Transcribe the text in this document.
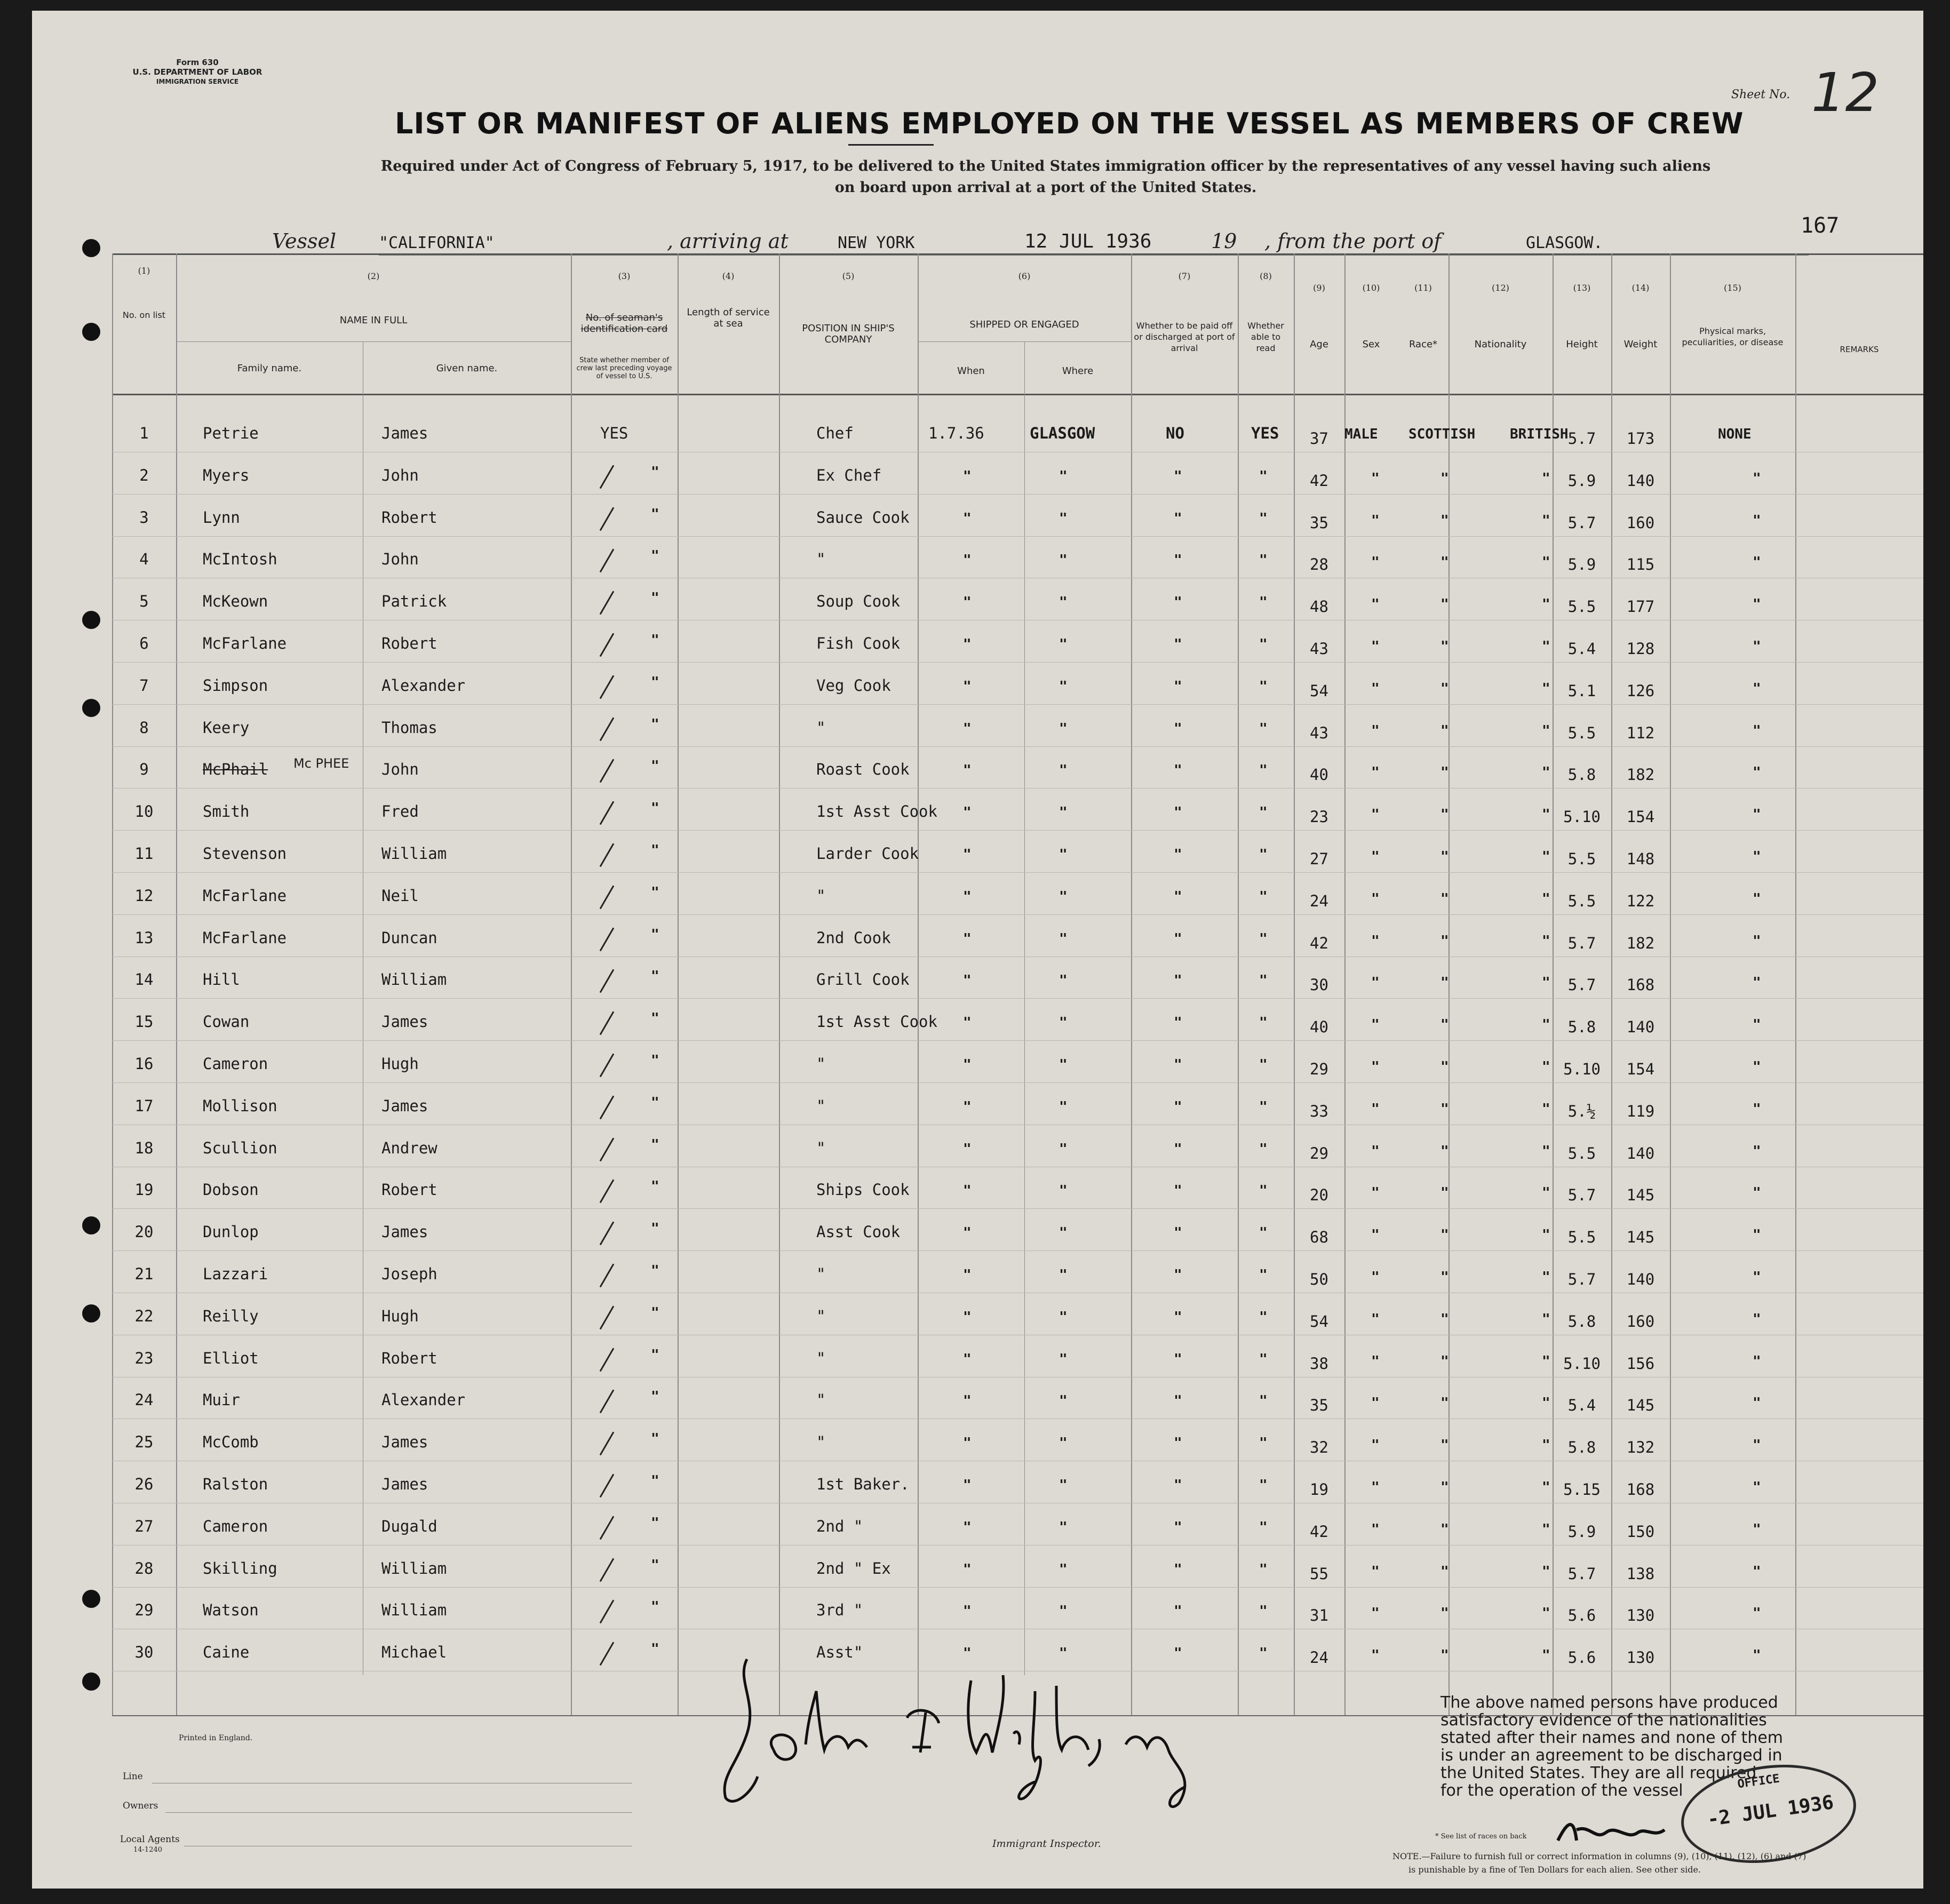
Form 630
U.S. DEPARTMENT OF LABOR
IMMIGRATION SERVICE
Sheet No. 12
LIST OR MANIFEST OF ALIENS EMPLOYED ON THE VESSEL AS MEMBERS OF CREW
Required under Act of Congress of February 5, 1917, to be delivered to the United States immigration officer by the representatives of any vessel having such aliens
on board upon arrival at a port of the United States.
167
Vessel	"CALIFORNIA"	, arriving at	NEW YORK	12 JUL 1936	19 , from the port of	GLASGOW.
(1)
(2)	(3)	(4)	(5)	(6)	(7)	(8)
(9)	(10)	(11)	(12)	(13)	(14)	(15)
No. on list	NAME IN FULL
Family name.	Given name.
No. of seaman's identification card
State whether member of crew last preceding voyage of vessel to U.S.
Length of service at sea	POSITION IN SHIP'S COMPANY
SHIPPED OR ENGAGED
When	Where
Whether to be paid off or discharged at port of arrival
Whether able to read	Age	Sex	Race*	Nationality	Height	Weight
Physical marks, peculiarities, or disease
REMARKS
1	Petrie	James	YES	Chef	1.7.36	GLASGOW	NO	YES	MALE SCOTTISH BRITISH	NONE
37	5.7	173
2	Myers	John	"	Ex Chef	"	"	"	"	"	"	"	"
42	5.9	140
3	Lynn	Robert	"	Sauce Cook	"	"	"	"	"	"	"	"
35	5.7	160
4	McIntosh	John	"	"	"	"	"	"	"	"	"	"
28	5.9	115
5	McKeown	Patrick	"	Soup Cook	"	"	"	"	"	"	"	"
48	5.5	177
6	McFarlane	Robert	"	Fish Cook	"	"	"	"	"	"	"	"
43	5.4	128
7	Simpson	Alexander	"	Veg Cook	"	"	"	"	"	"	"	"
54	5.1	126
8	Keery	Thomas	"	"	"	"	"	"	"	"	"	"
43	5.5	112
9	McPhail Mc PHEE John	"	Roast Cook	"	"	"	"	"	"	"	"
40	5.8	182
10	Smith	Fred	"	1st Asst Cook "	"	"	"	"	"	"	"
23	5.10	154
11	Stevenson	William	"	Larder Cook	"	"	"	"	"	"	"	"
27	5.5	148
12	McFarlane	Neil	"	"	"	"	"	"	"	"	"	"
24	5.5	122
13	McFarlane	Duncan	"	2nd Cook	"	"	"	"	"	"	"	"
42	5.7	182
14	Hill	William	"	Grill Cook	"	"	"	"	"	"	"	"
30	5.7	168
15	Cowan	James	"	1st Asst Cook "	"	"	"	"	"	"	"
40	5.8	140
16	Cameron	Hugh	"	"	"	"	"	"	"	"	"	"
29	5.10	154
17	Mollison	James	"	"	"	"	"	"	"	"	"	"
33	5.½	119
18	Scullion	Andrew	"	"	"	"	"	"	"	"	"	"
29	5.5	140
19	Dobson	Robert	"	Ships Cook	"	"	"	"	"	"	"	"
20	5.7	145
20	Dunlop	James	"	Asst Cook	"	"	"	"	"	"	"	"
68	5.5	145
21	Lazzari	Joseph	"	"	"	"	"	"	"	"	"	"
50	5.7	140
22	Reilly	Hugh	"	"	"	"	"	"	"	"	"	"
54	5.8	160
23	Elliot	Robert	"	"	"	"	"	"	"	"	"	"
38	5.10	156
24	Muir	Alexander	"	"	"	"	"	"	"	"	"	"
35	5.4	145
25	McComb	James	"	"	"	"	"	"	"	"	"	"
32	5.8	132
26	Ralston	James	"	1st Baker.	"	"	"	"	"	"	"	"
19	5.15	168
27	Cameron	Dugald	"	2nd "	"	"	"	"	"	"	"	"
42	5.9	150
28	Skilling	William	"	2nd " Ex	"	"	"	"	"	"	"	"
55	5.7	138
29	Watson	William	"	3rd "	"	"	"	"	"	"	"	"
31	5.6	130
30	Caine	Michael	"	Asst"	"	"	"	"	"	"	"	"
24	5.6	130
Printed in England.
Line
Owners
Local Agents
14-1240
Immigrant Inspector.
The above named persons have produced
satisfactory evidence of the nationalities
stated after their names and none of them
is under an agreement to be discharged in
the United States. They are all required
for the operation of the vessel	OFFICE
-2 JUL 1936
* See list of races on back
NOTE.—Failure to furnish full or correct information in columns (9), (10), (11), (12), (6) and (7)
is punishable by a fine of Ten Dollars for each alien. See other side.
